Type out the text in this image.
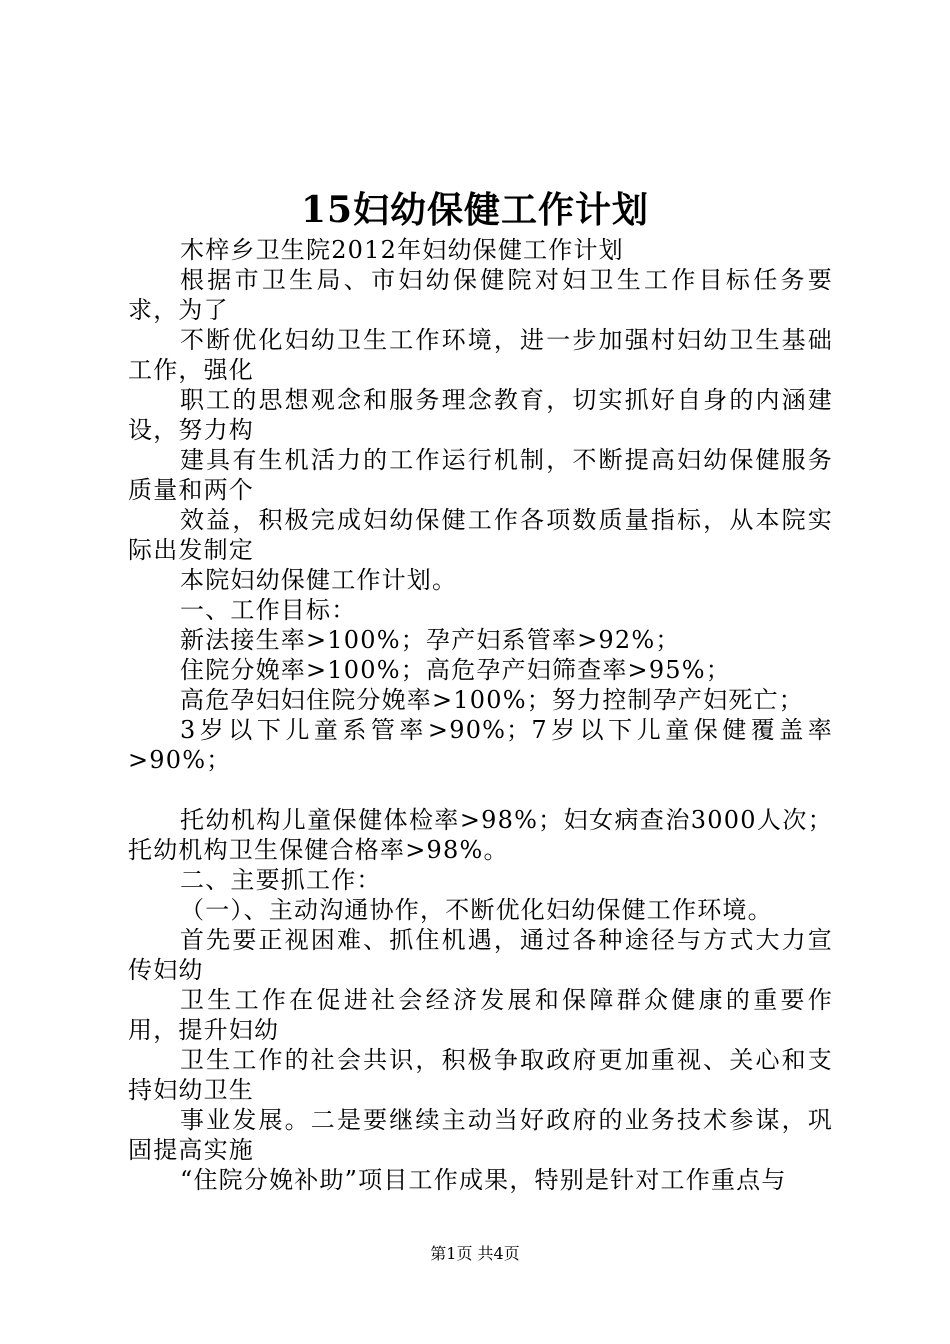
15妇幼保健工作计划

木梓乡卫生院2012年妇幼保健工作计划

根据市卫生局、市妇幼保健院对妇卫生工作目标任务要求，为了

不断优化妇幼卫生工作环境，进一步加强村妇幼卫生基础工作，强化

职工的思想观念和服务理念教育，切实抓好自身的内涵建设，努力构

建具有生机活力的工作运行机制，不断提高妇幼保健服务质量和两个

效益，积极完成妇幼保健工作各项数质量指标，从本院实际出发制定

本院妇幼保健工作计划。

一、工作目标：

新法接生率>100%；孕产妇系管率>92%；

住院分娩率>100%；高危孕产妇筛查率>95%；

高危孕妇妇住院分娩率>100%；努力控制孕产妇死亡；

3岁以下儿童系管率>90%；7岁以下儿童保健覆盖率>90%；

托幼机构儿童保健体检率>98%；妇女病查治3000人次；托幼机构卫生保健合格率>98%。

二、主要抓工作：

（一）、主动沟通协作，不断优化妇幼保健工作环境。

首先要正视困难、抓住机遇，通过各种途径与方式大力宣传妇幼

卫生工作在促进社会经济发展和保障群众健康的重要作用，提升妇幼

卫生工作的社会共识，积极争取政府更加重视、关心和支持妇幼卫生

事业发展。二是要继续主动当好政府的业务技术参谋，巩固提高实施

“住院分娩补助”项目工作成果，特别是针对工作重点与

第1页 共4页
